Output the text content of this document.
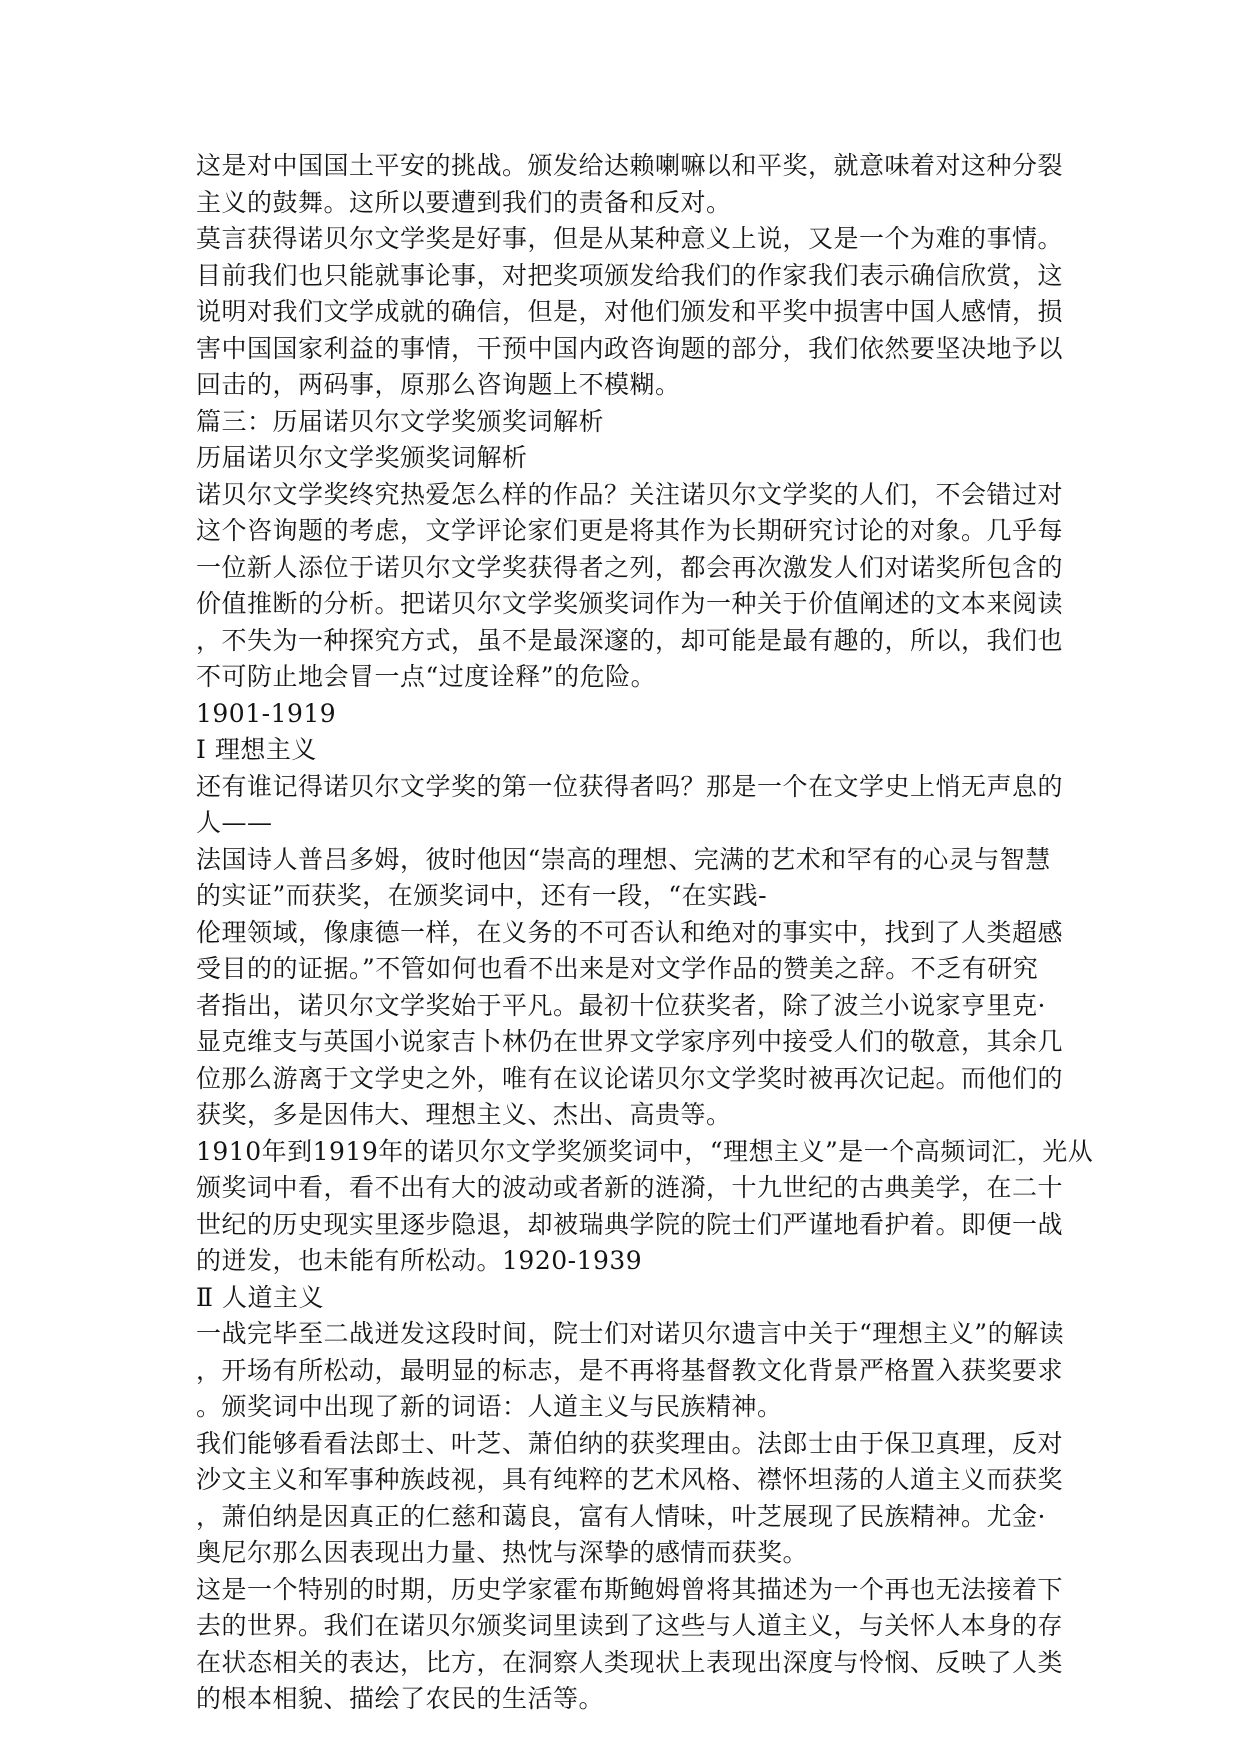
这是对中国国土平安的挑战。颁发给达赖喇嘛以和平奖，就意味着对这种分裂
主义的鼓舞。这所以要遭到我们的责备和反对。
莫言获得诺贝尔文学奖是好事，但是从某种意义上说，又是一个为难的事情。
目前我们也只能就事论事，对把奖项颁发给我们的作家我们表示确信欣赏，这
说明对我们文学成就的确信，但是，对他们颁发和平奖中损害中国人感情，损
害中国国家利益的事情，干预中国内政咨询题的部分，我们依然要坚决地予以
回击的，两码事，原那么咨询题上不模糊。
篇三：历届诺贝尔文学奖颁奖词解析
历届诺贝尔文学奖颁奖词解析
诺贝尔文学奖终究热爱怎么样的作品？关注诺贝尔文学奖的人们，不会错过对
这个咨询题的考虑，文学评论家们更是将其作为长期研究讨论的对象。几乎每
一位新人添位于诺贝尔文学奖获得者之列，都会再次激发人们对诺奖所包含的
价值推断的分析。把诺贝尔文学奖颁奖词作为一种关于价值阐述的文本来阅读
，不失为一种探究方式，虽不是最深邃的，却可能是最有趣的，所以，我们也
不可防止地会冒一点“过度诠释”的危险。
1901-1919
Ⅰ 理想主义
还有谁记得诺贝尔文学奖的第一位获得者吗？那是一个在文学史上悄无声息的
人——
法国诗人普吕多姆，彼时他因“崇高的理想、完满的艺术和罕有的心灵与智慧
的实证”而获奖，在颁奖词中，还有一段，“在实践-
伦理领域，像康德一样，在义务的不可否认和绝对的事实中，找到了人类超感
受目的的证据。”不管如何也看不出来是对文学作品的赞美之辞。不乏有研究
者指出，诺贝尔文学奖始于平凡。最初十位获奖者，除了波兰小说家亨里克·
显克维支与英国小说家吉卜林仍在世界文学家序列中接受人们的敬意，其余几
位那么游离于文学史之外，唯有在议论诺贝尔文学奖时被再次记起。而他们的
获奖，多是因伟大、理想主义、杰出、高贵等。
1910年到1919年的诺贝尔文学奖颁奖词中，“理想主义”是一个高频词汇，光从
颁奖词中看，看不出有大的波动或者新的涟漪，十九世纪的古典美学，在二十
世纪的历史现实里逐步隐退，却被瑞典学院的院士们严谨地看护着。即便一战
的迸发，也未能有所松动。1920-1939
Ⅱ 人道主义
一战完毕至二战迸发这段时间，院士们对诺贝尔遗言中关于“理想主义”的解读
，开场有所松动，最明显的标志，是不再将基督教文化背景严格置入获奖要求
。颁奖词中出现了新的词语：人道主义与民族精神。
我们能够看看法郎士、叶芝、萧伯纳的获奖理由。法郎士由于保卫真理，反对
沙文主义和军事种族歧视，具有纯粹的艺术风格、襟怀坦荡的人道主义而获奖
，萧伯纳是因真正的仁慈和蔼良，富有人情味，叶芝展现了民族精神。尤金·
奥尼尔那么因表现出力量、热忱与深挚的感情而获奖。
这是一个特别的时期，历史学家霍布斯鲍姆曾将其描述为一个再也无法接着下
去的世界。我们在诺贝尔颁奖词里读到了这些与人道主义，与关怀人本身的存
在状态相关的表达，比方，在洞察人类现状上表现出深度与怜悯、反映了人类
的根本相貌、描绘了农民的生活等。
